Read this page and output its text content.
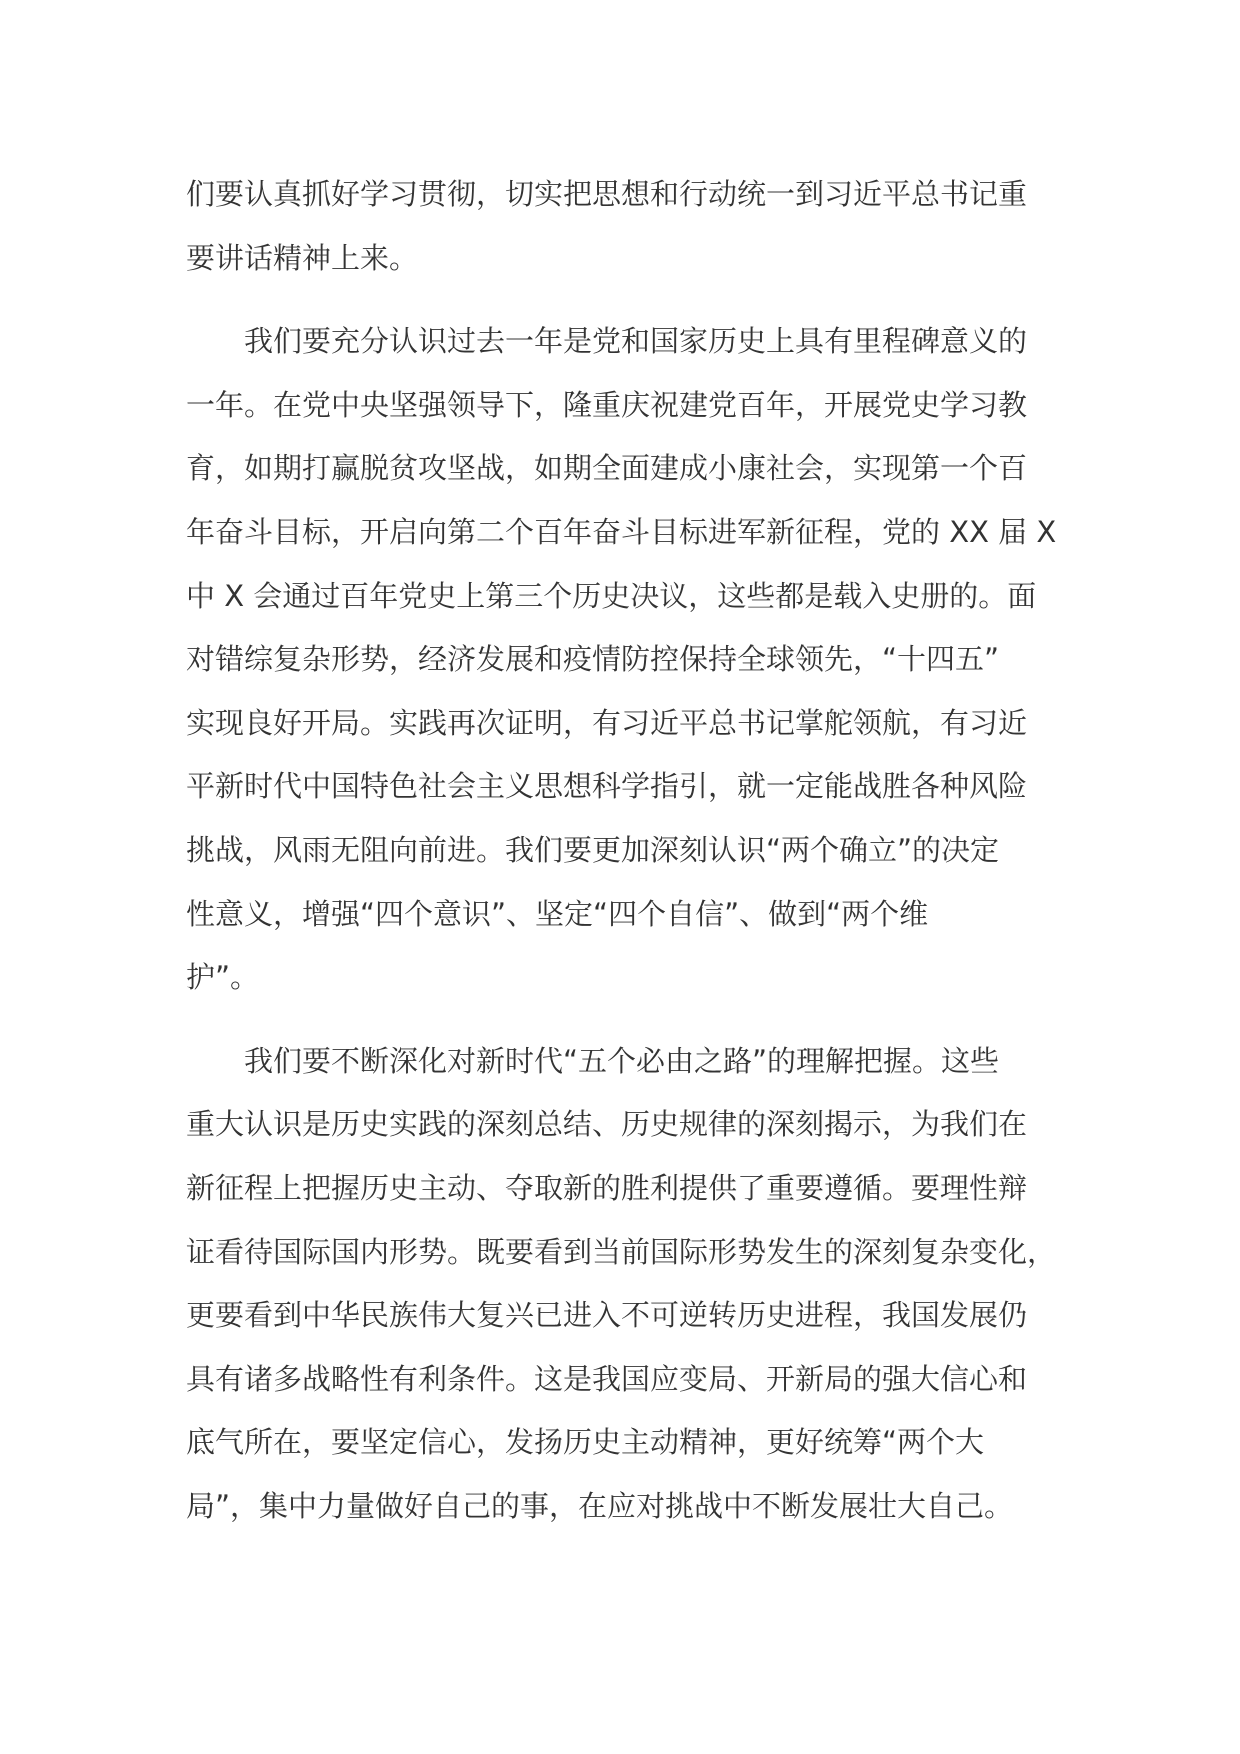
们要认真抓好学习贯彻，切实把思想和行动统一到习近平总书记重
要讲话精神上来。
我们要充分认识过去一年是党和国家历史上具有里程碑意义的
一年。在党中央坚强领导下，隆重庆祝建党百年，开展党史学习教
育，如期打赢脱贫攻坚战，如期全面建成小康社会，实现第一个百
年奋斗目标，开启向第二个百年奋斗目标进军新征程，党的 XX 届 X
中 X 会通过百年党史上第三个历史决议，这些都是载入史册的。面
对错综复杂形势，经济发展和疫情防控保持全球领先，“十四五”
实现良好开局。实践再次证明，有习近平总书记掌舵领航，有习近
平新时代中国特色社会主义思想科学指引，就一定能战胜各种风险
挑战，风雨无阻向前进。我们要更加深刻认识“两个确立”的决定
性意义，增强“四个意识”、坚定“四个自信”、做到“两个维
护”。
我们要不断深化对新时代“五个必由之路”的理解把握。这些
重大认识是历史实践的深刻总结、历史规律的深刻揭示，为我们在
新征程上把握历史主动、夺取新的胜利提供了重要遵循。要理性辩
证看待国际国内形势。既要看到当前国际形势发生的深刻复杂变化，
更要看到中华民族伟大复兴已进入不可逆转历史进程，我国发展仍
具有诸多战略性有利条件。这是我国应变局、开新局的强大信心和
底气所在，要坚定信心，发扬历史主动精神，更好统筹“两个大
局”，集中力量做好自己的事，在应对挑战中不断发展壮大自己。
